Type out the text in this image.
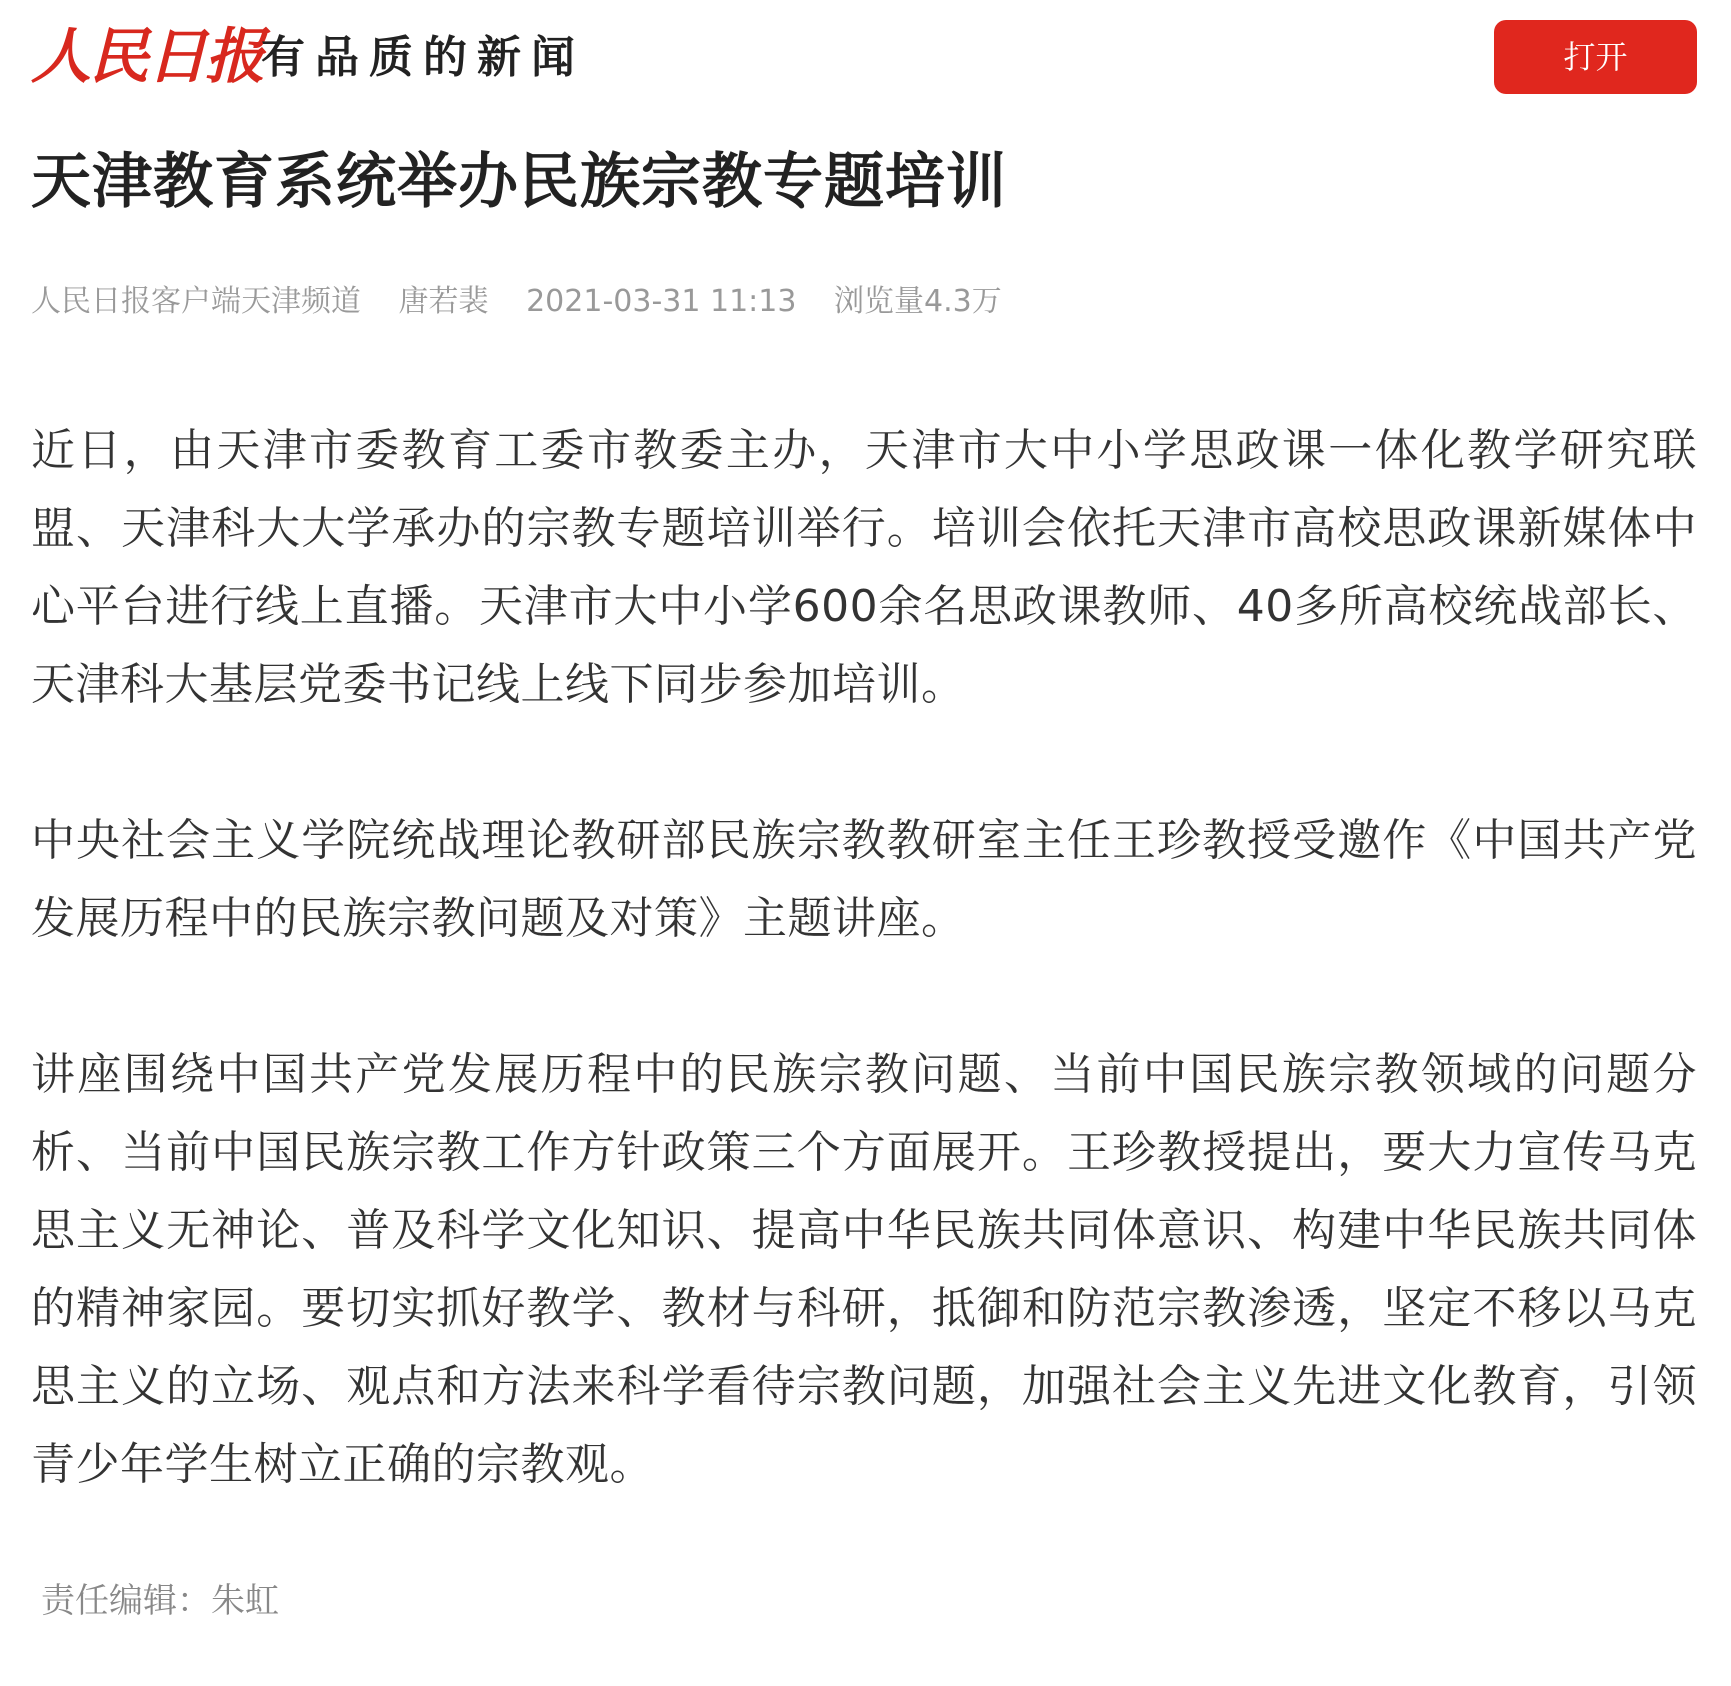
人民日报
有品质的新闻	打开
天津教育系统举办民族宗教专题培训
人民日报客户端天津频道 唐若裴 2021-03-31 11:13 浏览量4.3万

近日，由天津市委教育工委市教委主办，天津市大中小学思政课一体化教学研究联盟、天津科大大学承办的宗教专题培训举行。培训会依托天津市高校思政课新媒体中心平台进行线上直播。天津市大中小学600余名思政课教师、40多所高校统战部长、天津科大基层党委书记线上线下同步参加培训。

中央社会主义学院统战理论教研部民族宗教教研室主任王珍教授受邀作《中国共产党发展历程中的民族宗教问题及对策》主题讲座。

讲座围绕中国共产党发展历程中的民族宗教问题、当前中国民族宗教领域的问题分析、当前中国民族宗教工作方针政策三个方面展开。王珍教授提出，要大力宣传马克思主义无神论、普及科学文化知识、提高中华民族共同体意识、构建中华民族共同体的精神家园。要切实抓好教学、教材与科研，抵御和防范宗教渗透，坚定不移以马克思主义的立场、观点和方法来科学看待宗教问题，加强社会主义先进文化教育，引领青少年学生树立正确的宗教观。

责任编辑：朱虹
